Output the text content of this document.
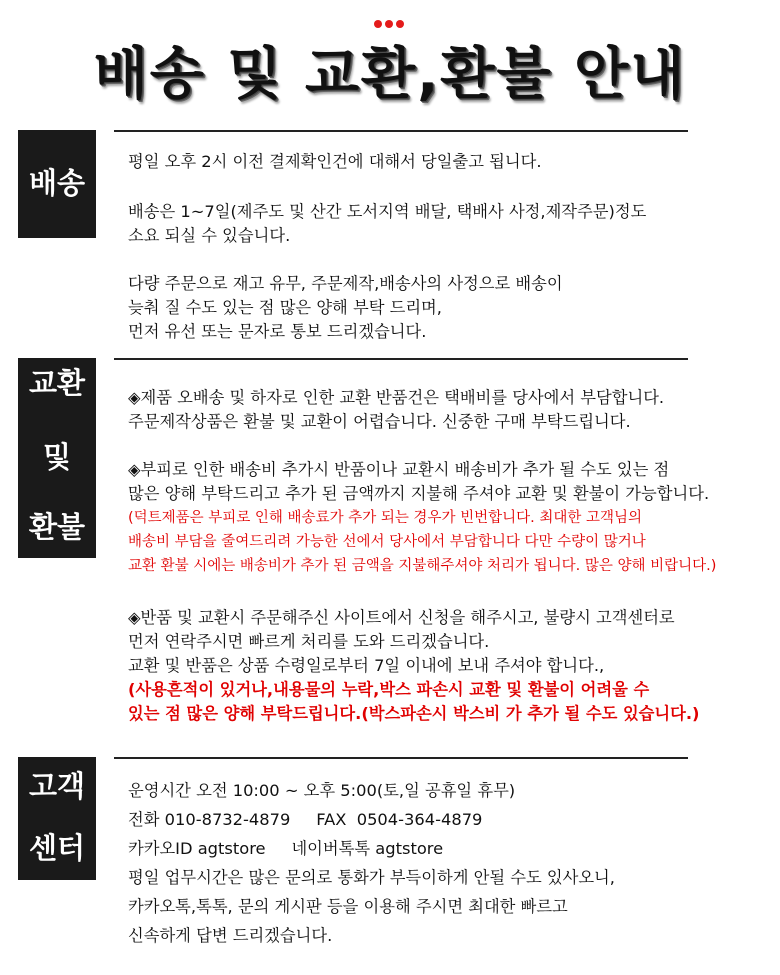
배송 및 교환,환불 안내
배송
평일 오후 2시 이전 결제확인건에 대해서 당일출고 됩니다.
배송은 1~7일(제주도 및 산간 도서지역 배달, 택배사 사정,제작주문)정도
소요 되실 수 있습니다.
다량 주문으로 재고 유무, 주문제작,배송사의 사정으로 배송이
늦춰 질 수도 있는 점 많은 양해 부탁 드리며,
먼저 유선 또는 문자로 통보 드리겠습니다.
교환
및
환불
◈제품 오배송 및 하자로 인한 교환 반품건은 택배비를 당사에서 부담합니다.
주문제작상품은 환불 및 교환이 어렵습니다. 신중한 구매 부탁드립니다.
◈부피로 인한 배송비 추가시 반품이나 교환시 배송비가 추가 될 수도 있는 점
많은 양해 부탁드리고 추가 된 금액까지 지불해 주셔야 교환 및 환불이 가능합니다.
(덕트제품은 부피로 인해 배송료가 추가 되는 경우가 빈번합니다. 최대한 고객님의
배송비 부담을 줄여드리려 가능한 선에서 당사에서 부담합니다 다만 수량이 많거나
교환 환불 시에는 배송비가 추가 된 금액을 지불해주셔야 처리가 됩니다. 많은 양해 비랍니다.)
◈반품 및 교환시 주문해주신 사이트에서 신청을 해주시고, 불량시 고객센터로
먼저 연락주시면 빠르게 처리를 도와 드리겠습니다.
교환 및 반품은 상품 수령일로부터 7일 이내에 보내 주셔야 합니다.,
(사용흔적이 있거나,내용물의 누락,박스 파손시 교환 및 환불이 어려울 수
있는 점 많은 양해 부탁드립니다.(박스파손시 박스비 가 추가 될 수도 있습니다.)
고객
센터
운영시간 오전 10:00 ~ 오후 5:00(토,일 공휴일 휴무)
전화 010-8732-4879     FAX  0504-364-4879
카카오ID agtstore     네이버톡톡 agtstore
평일 업무시간은 많은 문의로 통화가 부득이하게 안될 수도 있사오니,
카카오톡,톡톡, 문의 게시판 등을 이용해 주시면 최대한 빠르고
신속하게 답변 드리겠습니다.
